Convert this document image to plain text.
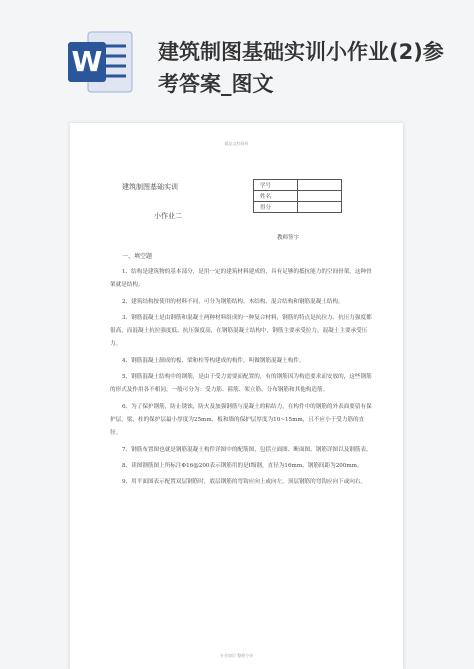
W	建筑制图基础实训小作业(2)参考答案_图文
精品文档资料
建筑制图基础实训
小作业二
学号	
姓名	
得分	
教师签字
一、填空题

1、结构是建筑物的基本部分，是用一定的建筑材料建成的，具有足够的抵抗能力的空间骨架，这种骨架就是结构。

2、建筑结构按使用的材料不同，可分为钢筋结构、木结构、混合结构和钢筋混凝土结构。

3、钢筋混凝土是由钢筋和混凝土两种材料组成的一种复合材料，钢筋的特点是抗拉力、抗压力强度都很高，而混凝土抗拉强度低、抗压强度高，在钢筋混凝土结构中，钢筋主要承受拉力，混凝土主要承受压力。

4、钢筋混凝土制成的板、梁和柱等构建成的构件，叫做钢筋混凝土构件。

5、钢筋混凝土结构中的钢筋，是由于受力需要而配置的，有的钢筋因为构造要求而安放的，这些钢筋的形式及作用各不相同，一般可分为：受力筋、箍筋、架立筋、分布钢筋和其他构造筋。

6、为了保护钢筋，防止锈蚀，防火及加强钢筋与混凝土的粘结力，在构件中的钢筋的外表面要留有保护层，梁、柱的保护层最小厚度为25mm，板和墙的保护层厚度为10~15mm，且不应小于受力筋的直径。

7、钢筋布置图也就是钢筋混凝土构件详图中的配筋图，包括立面图、断面图、钢筋详图以及钢筋表。

8、读图钢筋图上所标注Φ16@200表示钢筋用的是I级钢，直径为16mm，钢筋间距为200mm。

9、用平面图表示配置双层钢筋时，底层钢筋的弯钩应向上或向左，顶层钢筋的弯钩应向下或向右。

专业知识 整理分享
